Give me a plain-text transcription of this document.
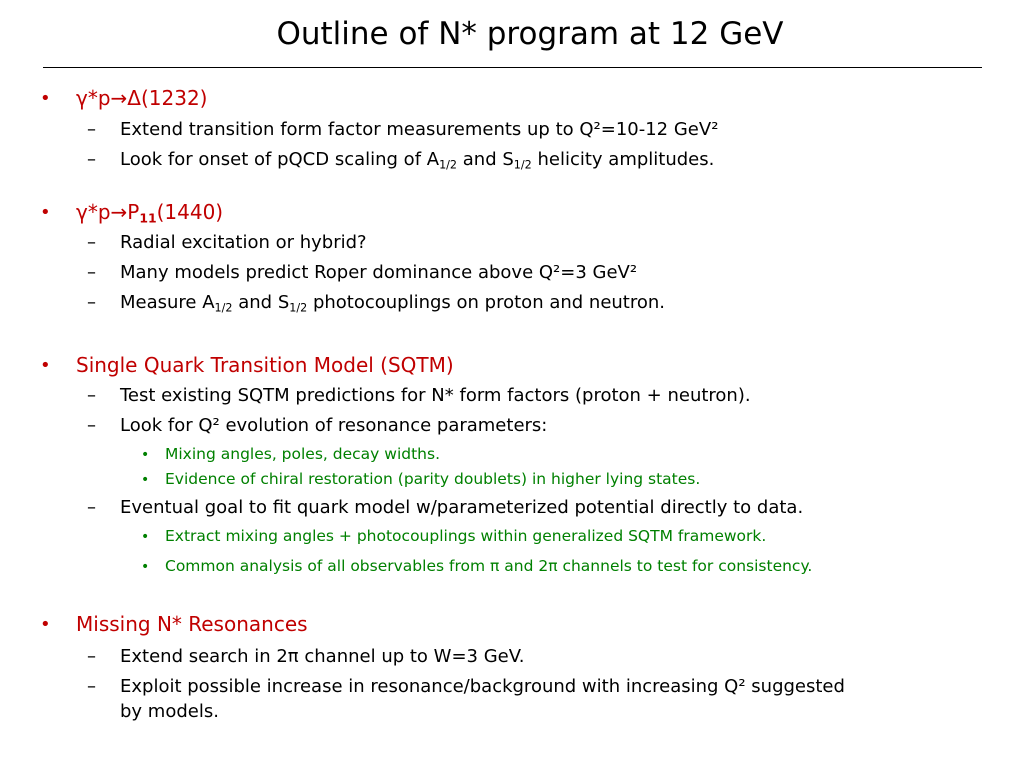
Outline of N* program at 12 GeV
• γ*p→Δ(1232)
– Extend transition form factor measurements up to Q²=10-12 GeV²
– Look for onset of pQCD scaling of $A_{1/2}$ and $S_{1/2}$ helicity amplitudes.
• $\gamma*p\to P_{11}(1440)$
– Radial excitation or hybrid?
– Many models predict Roper dominance above Q²=3 GeV²
– Measure $A_{1/2}$ and $S_{1/2}$ photocouplings on proton and neutron.
• Single Quark Transition Model (SQTM)
– Test existing SQTM predictions for N* form factors (proton + neutron).
– Look for Q² evolution of resonance parameters:
• Mixing angles, poles, decay widths.
• Evidence of chiral restoration (parity doublets) in higher lying states.
– Eventual goal to fit quark model w/parameterized potential directly to data.
• Extract mixing angles + photocouplings within generalized SQTM framework.
• Common analysis of all observables from π and 2π channels to test for consistency.
• Missing N* Resonances
– Extend search in 2π channel up to W=3 GeV.
– Exploit possible increase in resonance/background with increasing Q² suggested
by models.
